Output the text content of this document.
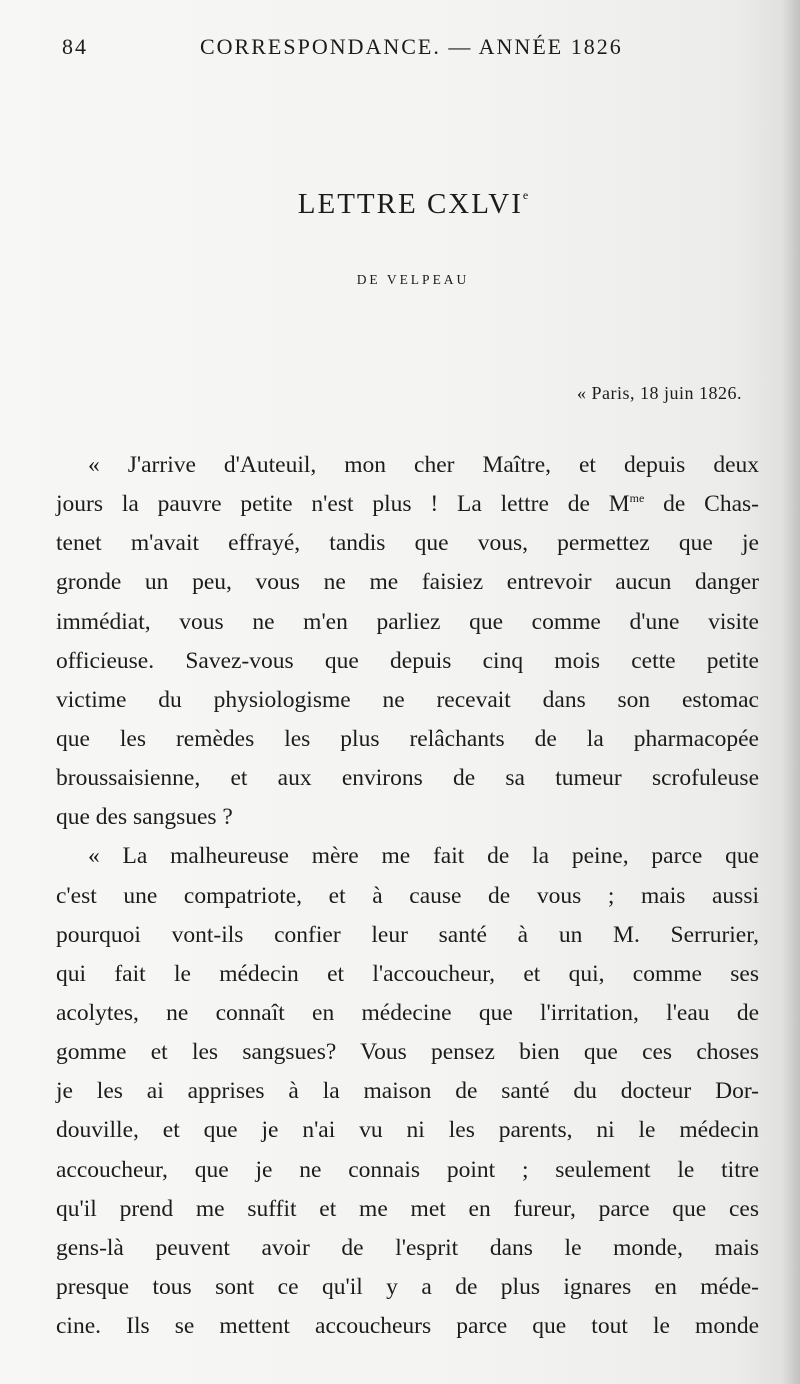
84	CORRESPONDANCE. — ANNÉE 1826
LETTRE CXLVIe
DE VELPEAU
« Paris, 18 juin 1826.
« J'arrive d'Auteuil, mon cher Maître, et depuis deux
jours la pauvre petite n'est plus ! La lettre de $M^{me}$ de Chas-
tenet m'avait effrayé, tandis que vous, permettez que je
gronde un peu, vous ne me faisiez entrevoir aucun danger
immédiat, vous ne m'en parliez que comme d'une visite
officieuse. Savez-vous que depuis cinq mois cette petite
victime du physiologisme ne recevait dans son estomac
que les remèdes les plus relâchants de la pharmacopée
broussaisienne, et aux environs de sa tumeur scrofuleuse
que des sangsues ?
« La malheureuse mère me fait de la peine, parce que
c'est une compatriote, et à cause de vous ; mais aussi
pourquoi vont-ils confier leur santé à un M. Serrurier,
qui fait le médecin et l'accoucheur, et qui, comme ses
acolytes, ne connaît en médecine que l'irritation, l'eau de
gomme et les sangsues? Vous pensez bien que ces choses
je les ai apprises à la maison de santé du docteur Dor-
douville, et que je n'ai vu ni les parents, ni le médecin
accoucheur, que je ne connais point ; seulement le titre
qu'il prend me suffit et me met en fureur, parce que ces
gens-là peuvent avoir de l'esprit dans le monde, mais
presque tous sont ce qu'il y a de plus ignares en méde-
cine. Ils se mettent accoucheurs parce que tout le monde
